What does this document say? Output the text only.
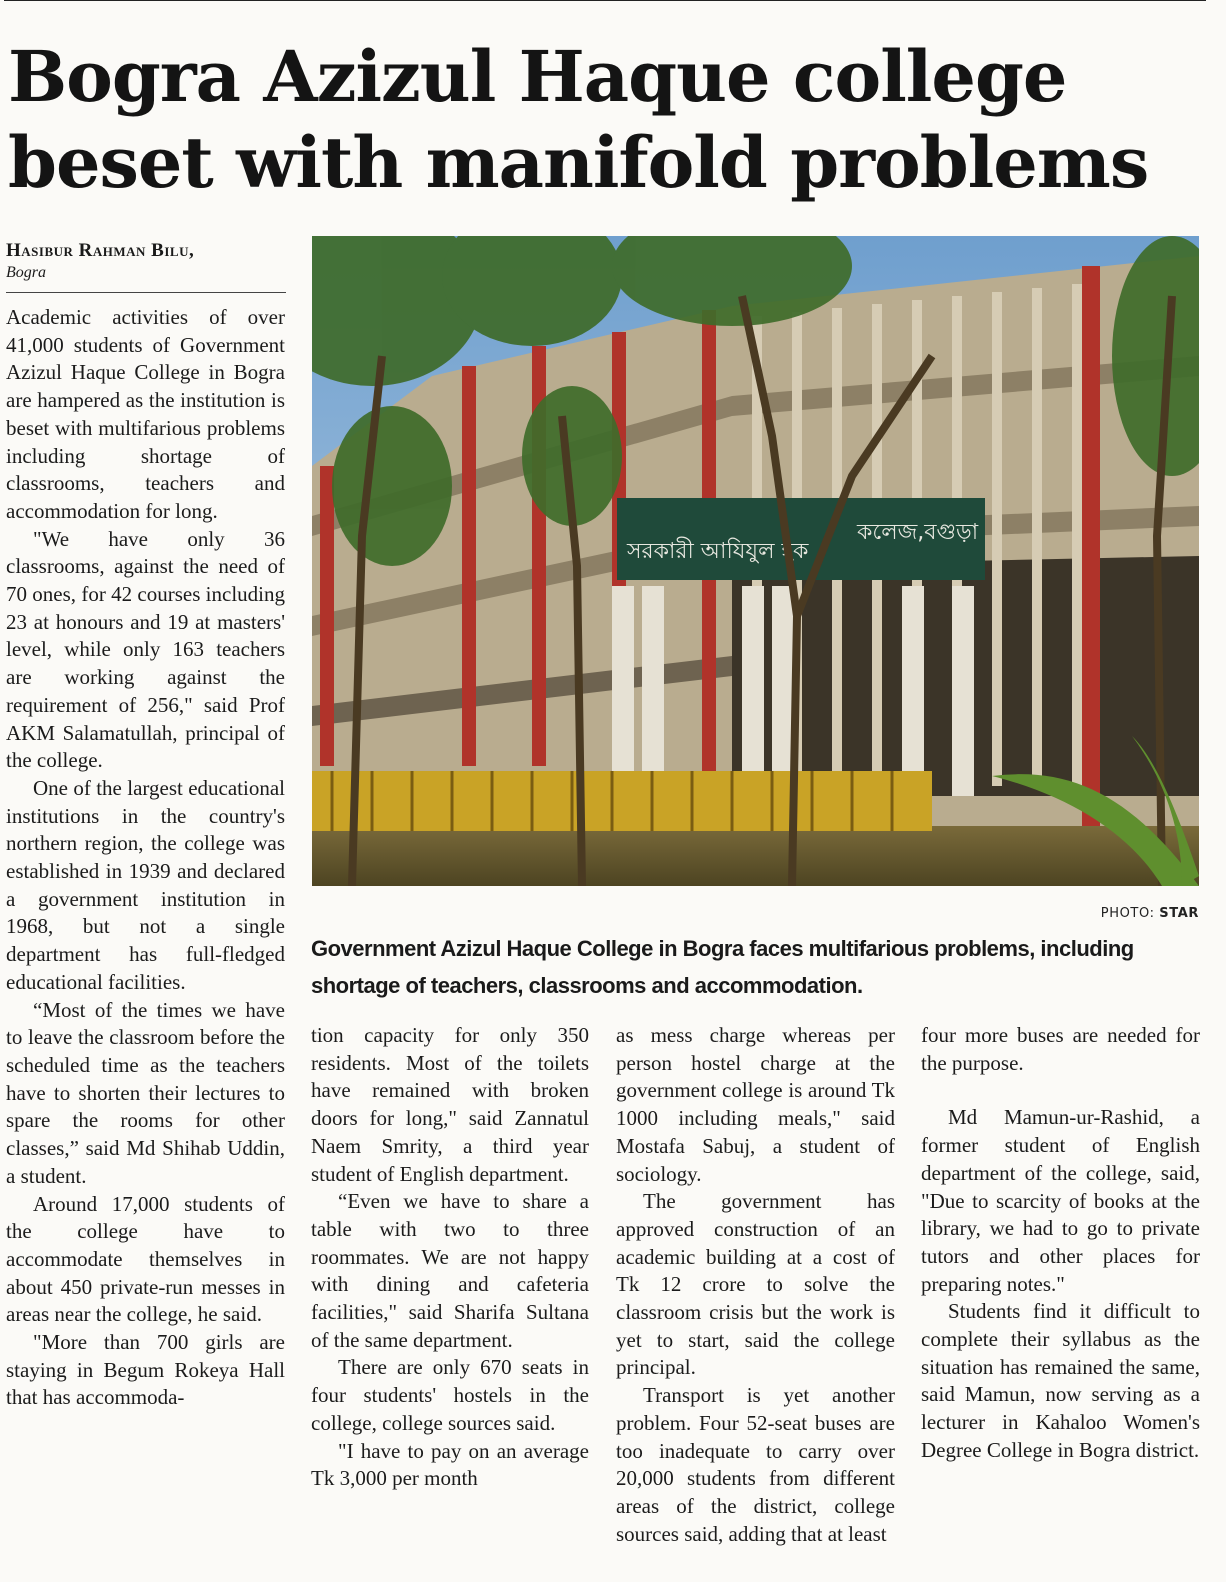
Bogra Azizul Haque college beset with manifold problems
Hasibur Rahman Bilu,
Bogra

Academic activities of over 41,000 students of Government Azizul Haque College in Bogra are hampered as the institution is beset with multifarious problems including shortage of classrooms, teachers and accommodation for long.

"We have only 36 classrooms, against the need of 70 ones, for 42 courses including 23 at honours and 19 at masters' level, while only 163 teachers are working against the requirement of 256," said Prof AKM Salamatullah, principal of the college.

One of the largest educational institutions in the country's northern region, the college was established in 1939 and declared a government institution in 1968, but not a single department has full-fledged educational facilities.

“Most of the times we have to leave the classroom before the scheduled time as the teachers have to shorten their lectures to spare the rooms for other classes,” said Md Shihab Uddin, a student.

Around 17,000 students of the college have to accommodate themselves in about 450 private-run messes in areas near the college, he said.

"More than 700 girls are staying in Begum Rokeya Hall that has accommoda-

সরকারী আযিযুল হক
কলেজ,বগুড়া
PHOTO: STAR
Government Azizul Haque College in Bogra faces multifarious problems, including shortage of teachers, classrooms and accommodation.

tion capacity for only 350 residents. Most of the toilets have remained with broken doors for long," said Zannatul Naem Smrity, a third year student of English department.

“Even we have to share a table with two to three roommates. We are not happy with dining and cafeteria facilities," said Sharifa Sultana of the same department.

There are only 670 seats in four students' hostels in the college, college sources said.

"I have to pay on an average Tk 3,000 per month

as mess charge whereas per person hostel charge at the government college is around Tk 1000 including meals," said Mostafa Sabuj, a student of sociology.

The government has approved construction of an academic building at a cost of Tk 12 crore to solve the classroom crisis but the work is yet to start, said the college principal.

Transport is yet another problem. Four 52-seat buses are too inadequate to carry over 20,000 students from different areas of the district, college sources said, adding that at least

four more buses are needed for the purpose.

Md Mamun-ur-Rashid, a former student of English department of the college, said, "Due to scarcity of books at the library, we had to go to private tutors and other places for preparing notes."

Students find it difficult to complete their syllabus as the situation has remained the same, said Mamun, now serving as a lecturer in Kahaloo Women's Degree College in Bogra district.
